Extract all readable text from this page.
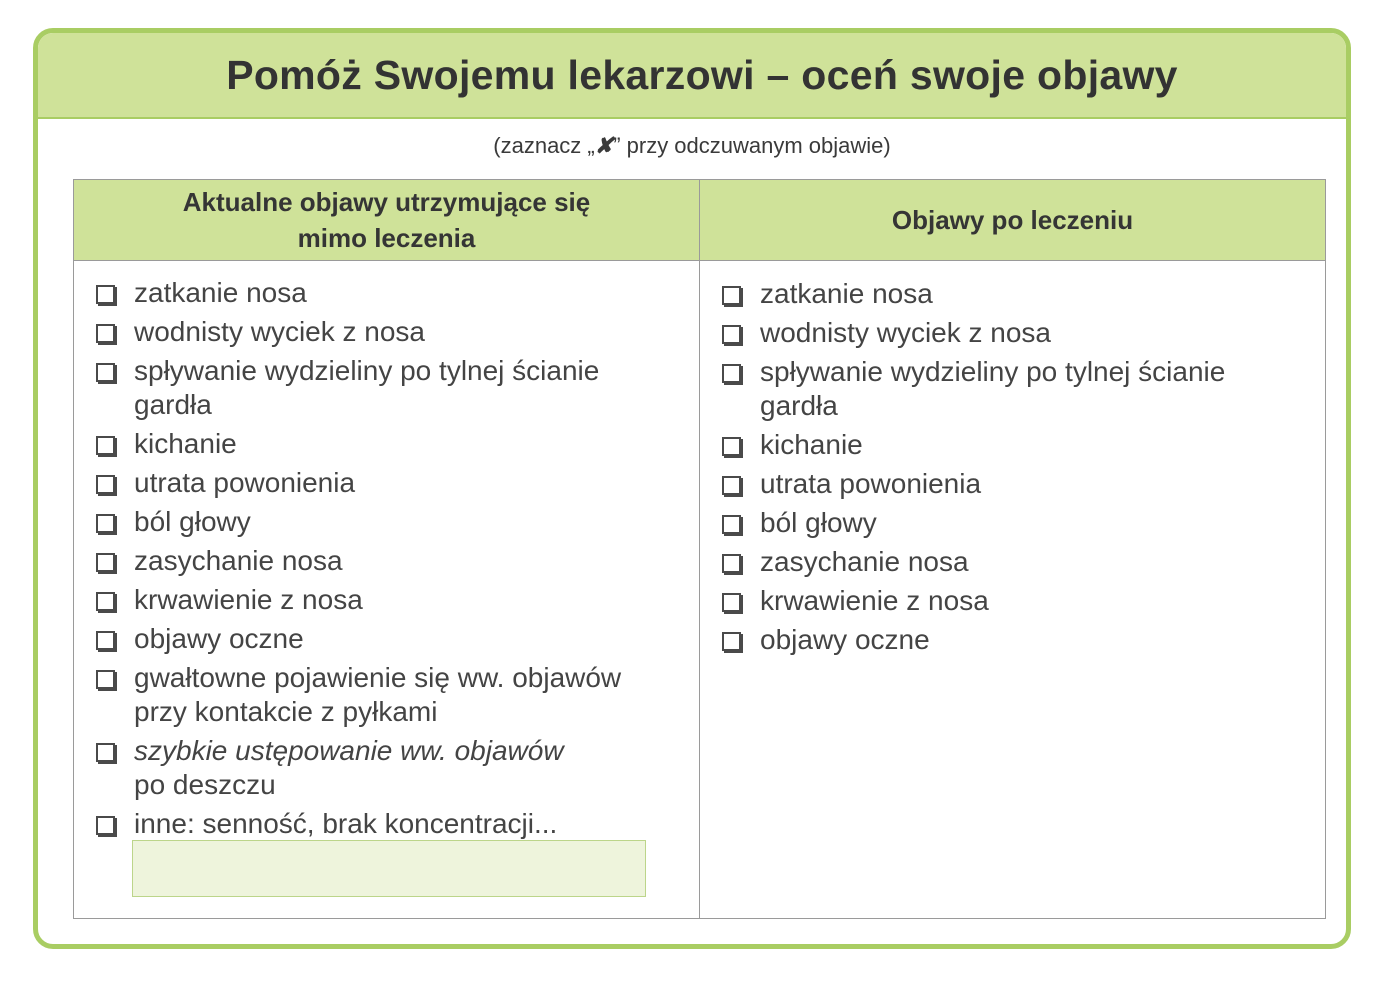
Pomóż Swojemu lekarzowi – oceń swoje objawy
(zaznacz „✘” przy odczuwanym objawie)
Aktualne objawy utrzymujące się
mimo leczenia
zatkanie nosa
wodnisty wyciek z nosa
spływanie wydzieliny po tylnej ścianie gardła
kichanie
utrata powonienia
ból głowy
zasychanie nosa
krwawienie z nosa
objawy oczne
gwałtowne pojawienie się ww. objawów przy kontakcie z pyłkami
szybkie ustępowanie ww. objawów
po deszczu
inne: senność, brak koncentracji...
Objawy po leczeniu
zatkanie nosa
wodnisty wyciek z nosa
spływanie wydzieliny po tylnej ścianie gardła
kichanie
utrata powonienia
ból głowy
zasychanie nosa
krwawienie z nosa
objawy oczne
